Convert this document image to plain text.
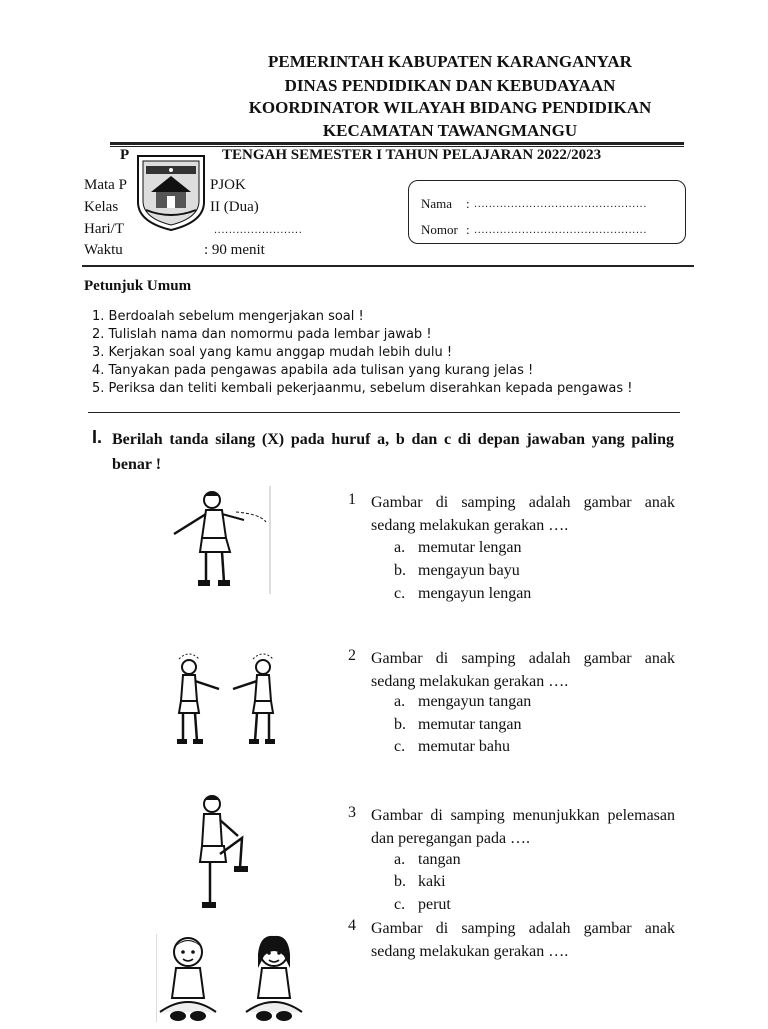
PEMERINTAH KABUPATEN KARANGANYAR
DINAS PENDIDIKAN DAN KEBUDAYAAN
KOORDINATOR WILAYAH BIDANG PENDIDIKAN
KECAMATAN TAWANGMANGU
P	TENGAH SEMESTER I TAHUN PELAJARAN 2022/2023
Mata P	PJOK
Kelas	II (Dua)
Hari/T	........................
Waktu	: 90 menit
Nama : ...............................................
Nomor : ...............................................
Petunjuk Umum
1. Berdoalah sebelum mengerjakan soal !
2. Tulislah nama dan nomormu pada lembar jawab !
3. Kerjakan soal yang kamu anggap mudah lebih dulu !
4. Tanyakan pada pengawas apabila ada tulisan yang kurang jelas !
5. Periksa dan teliti kembali pekerjaanmu, sebelum diserahkan kepada pengawas !
I. Berilah tanda silang (X) pada huruf a, b dan c di depan jawaban yang paling benar !
1 Gambar di samping adalah gambar anak sedang melakukan gerakan ….
a. memutar lengan
b. mengayun bayu
c. mengayun lengan
2 Gambar di samping adalah gambar anak sedang melakukan gerakan ….
a. mengayun tangan
b. memutar tangan
c. memutar bahu
3 Gambar di samping menunjukkan pelemasan dan peregangan pada ….
a. tangan
b. kaki
c. perut
4 Gambar di samping adalah gambar anak sedang melakukan gerakan ….
